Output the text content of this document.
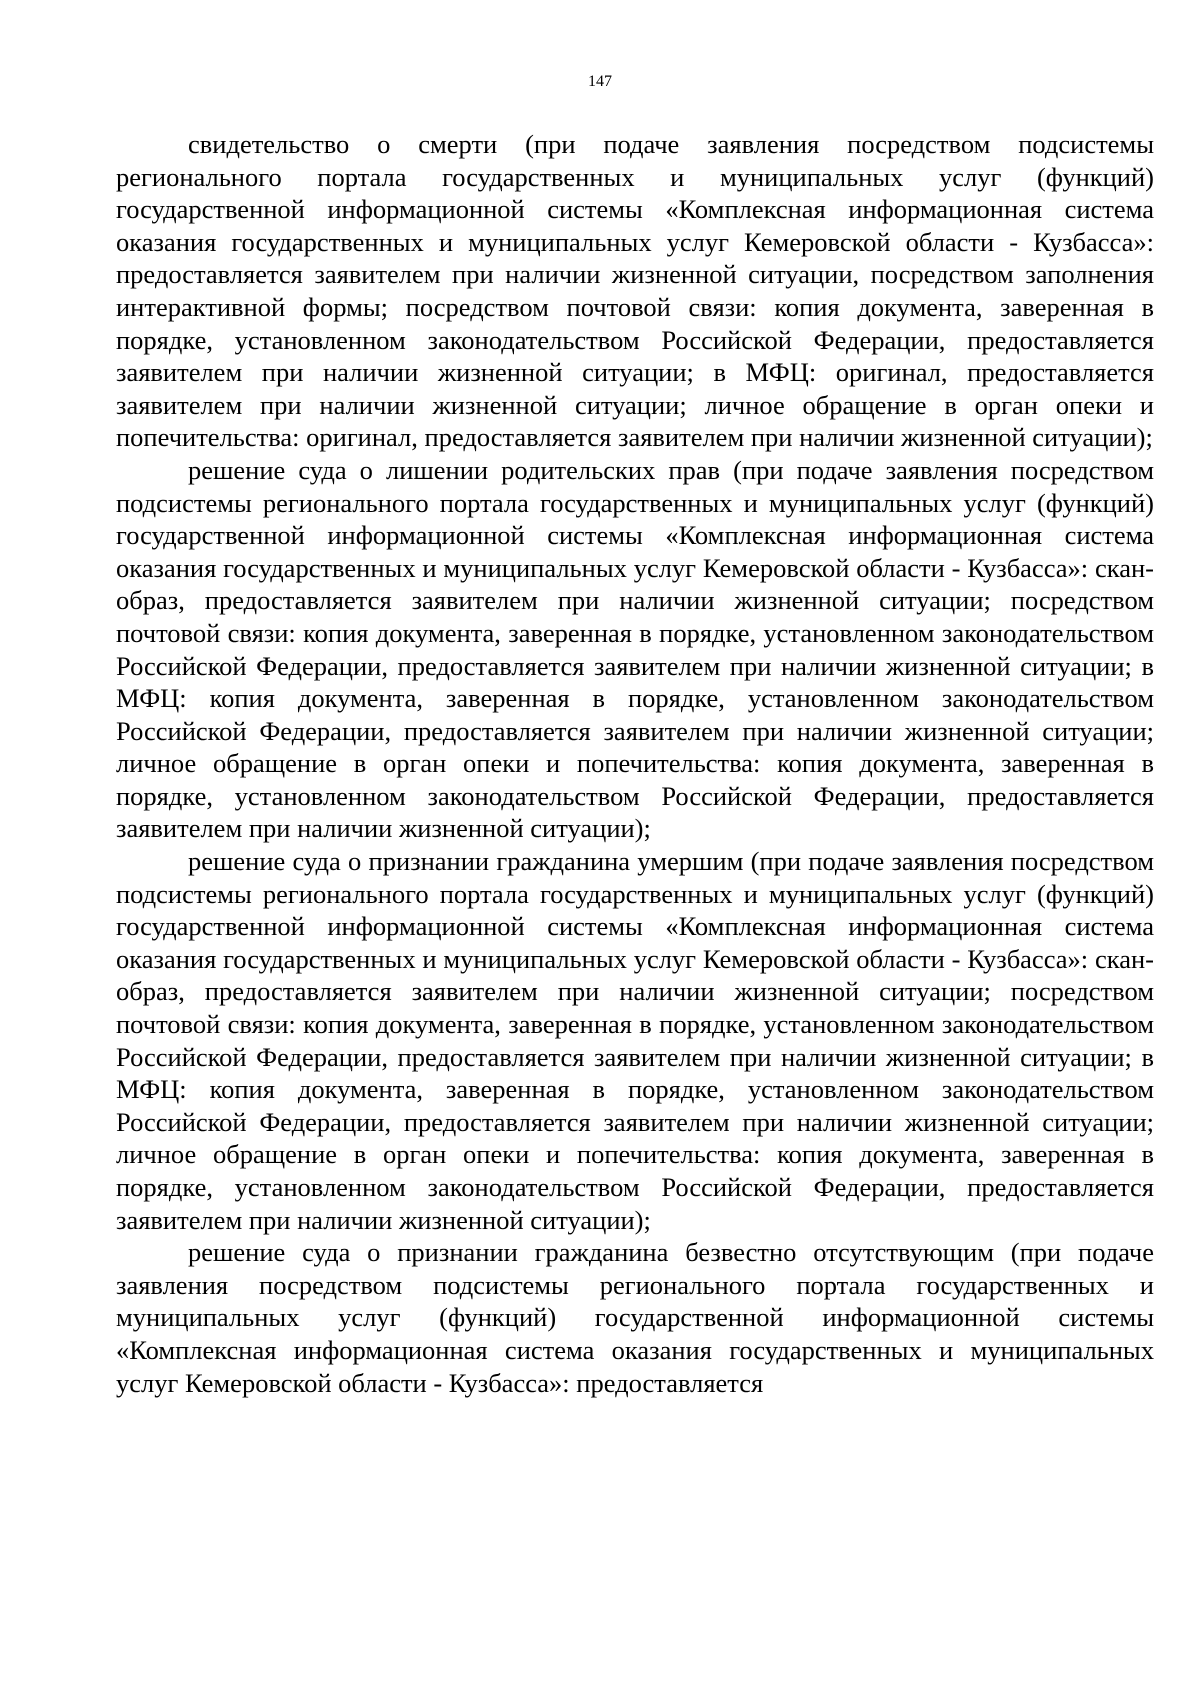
147

свидетельство о смерти (при подаче заявления посредством подсистемы регионального портала государственных и муниципальных услуг (функций) государственной информационной системы «Комплексная информационная система оказания государственных и муниципальных услуг Кемеровской области - Кузбасса»: предоставляется заявителем при наличии жизненной ситуации, посредством заполнения интерактивной формы; посредством почтовой связи: копия документа, заверенная в порядке, установленном законодательством Российской Федерации, предоставляется заявителем при наличии жизненной ситуации; в МФЦ: оригинал, предоставляется заявителем при наличии жизненной ситуации; личное обращение в орган опеки и попечительства: оригинал, предоставляется заявителем при наличии жизненной ситуации);

решение суда о лишении родительских прав (при подаче заявления посредством подсистемы регионального портала государственных и муниципальных услуг (функций) государственной информационной системы «Комплексная информационная система оказания государственных и муниципальных услуг Кемеровской области - Кузбасса»: скан-образ, предоставляется заявителем при наличии жизненной ситуации; посредством почтовой связи: копия документа, заверенная в порядке, установленном законодательством Российской Федерации, предоставляется заявителем при наличии жизненной ситуации; в МФЦ: копия документа, заверенная в порядке, установленном законодательством Российской Федерации, предоставляется заявителем при наличии жизненной ситуации; личное обращение в орган опеки и попечительства: копия документа, заверенная в порядке, установленном законодательством Российской Федерации, предоставляется заявителем при наличии жизненной ситуации);

решение суда о признании гражданина умершим (при подаче заявления посредством подсистемы регионального портала государственных и муниципальных услуг (функций) государственной информационной системы «Комплексная информационная система оказания государственных и муниципальных услуг Кемеровской области - Кузбасса»: скан-образ, предоставляется заявителем при наличии жизненной ситуации; посредством почтовой связи: копия документа, заверенная в порядке, установленном законодательством Российской Федерации, предоставляется заявителем при наличии жизненной ситуации; в МФЦ: копия документа, заверенная в порядке, установленном законодательством Российской Федерации, предоставляется заявителем при наличии жизненной ситуации; личное обращение в орган опеки и попечительства: копия документа, заверенная в порядке, установленном законодательством Российской Федерации, предоставляется заявителем при наличии жизненной ситуации);

решение суда о признании гражданина безвестно отсутствующим (при подаче заявления посредством подсистемы регионального портала государственных и муниципальных услуг (функций) государственной информационной системы «Комплексная информационная система оказания государственных и муниципальных услуг Кемеровской области - Кузбасса»: предоставляется
